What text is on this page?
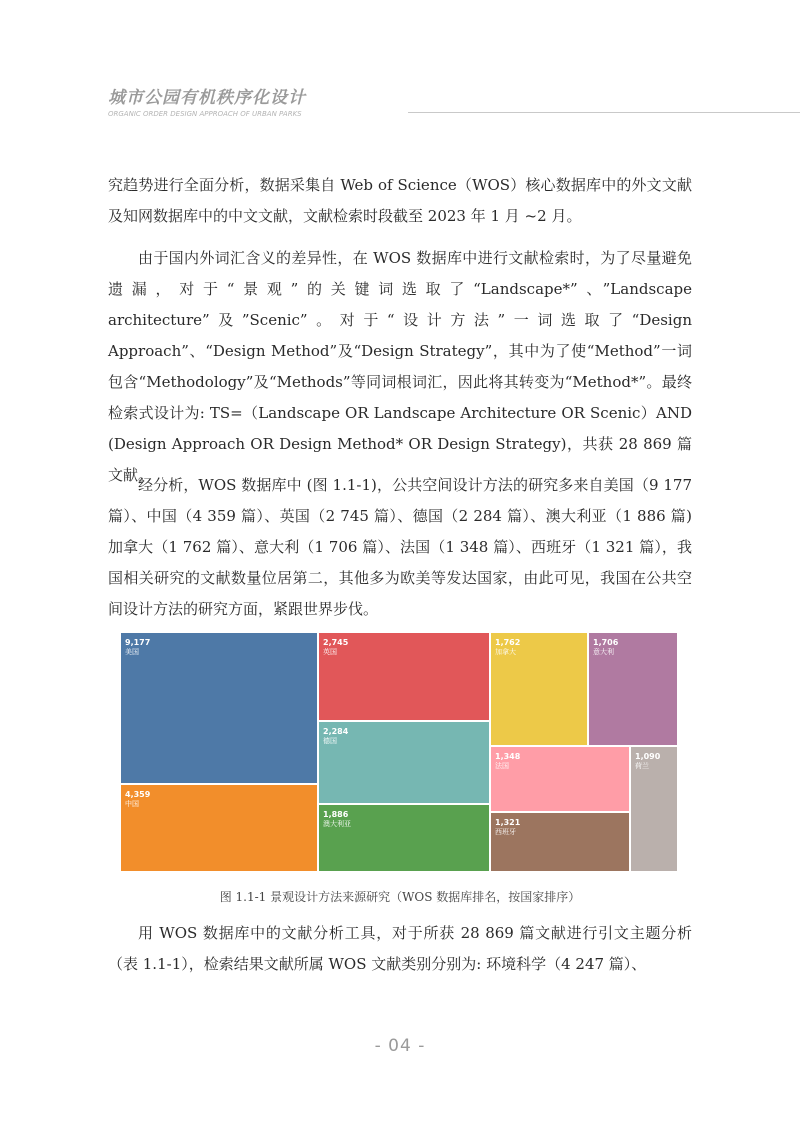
城市公园有机秩序化设计
ORGANIC ORDER DESIGN APPROACH OF URBAN PARKS

究趋势进行全面分析，数据采集自 Web of Science（WOS）核心数据库中的外文文献及知网数据库中的中文文献，文献检索时段截至 2023 年 1 月 ~2 月。

由于国内外词汇含义的差异性，在 WOS 数据库中进行文献检索时，为了尽量避免遗漏，对于“景观”的关键词选取了“Landscape*”、”Landscape architecture”及”Scenic”。对于“设计方法”一词选取了“Design Approach”、“Design Method”及“Design Strategy”，其中为了使“Method”一词包含“Methodology”及“Methods”等同词根词汇，因此将其转变为“Method*”。最终检索式设计为: TS=（Landscape OR Landscape Architecture OR Scenic）AND (Design Approach OR Design Method* OR Design Strategy)，共获 28 869 篇文献。

经分析，WOS 数据库中 (图 1.1-1)，公共空间设计方法的研究多来自美国（9 177 篇）、中国（4 359 篇）、英国（2 745 篇）、德国（2 284 篇）、澳大利亚（1 886 篇) 加拿大（1 762 篇）、意大利（1 706 篇）、法国（1 348 篇）、西班牙（1 321 篇），我国相关研究的文献数量位居第二，其他多为欧美等发达国家，由此可见，我国在公共空间设计方法的研究方面，紧跟世界步伐。

9,177
美国
4,359
中国
2,745
英国
2,284
德国
1,886
澳大利亚
1,762
加拿大
1,706
意大利
1,348
法国
1,321
西班牙
1,090
荷兰
图 1.1-1 景观设计方法来源研究（WOS 数据库排名，按国家排序）

用 WOS 数据库中的文献分析工具，对于所获 28 869 篇文献进行引文主题分析（表 1.1-1），检索结果文献所属 WOS 文献类别分别为: 环境科学（4 247 篇）、

- 04 -
